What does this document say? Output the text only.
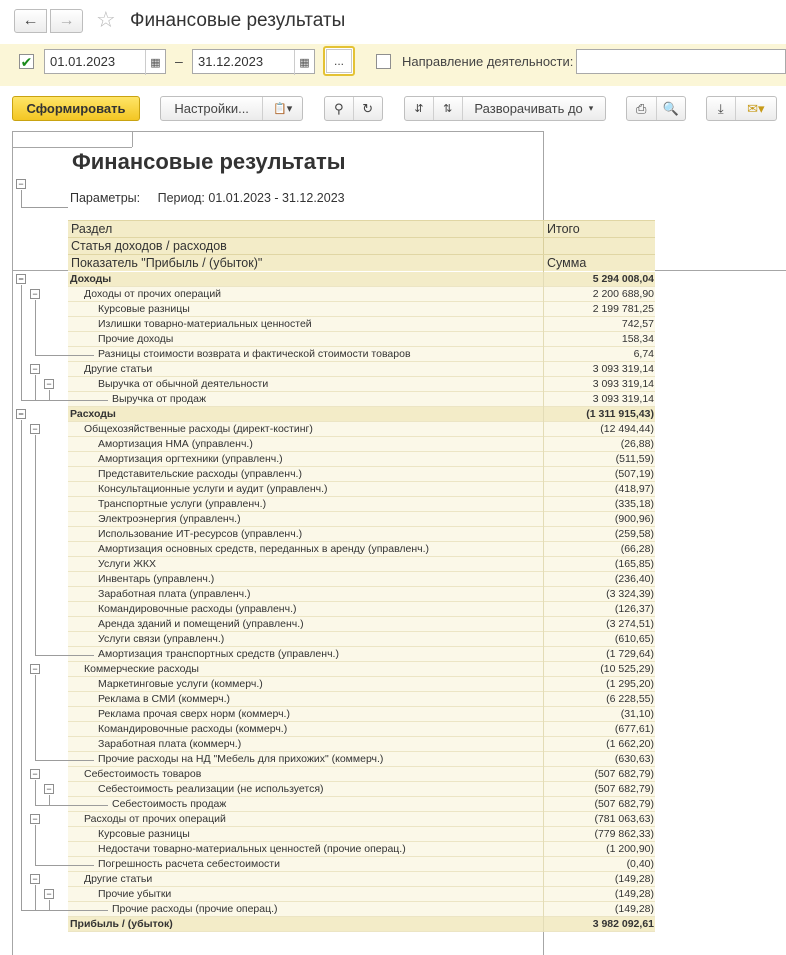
← → ☆ Финансовые результаты
✔	01.01.2023	▦	–	31.12.2023	▦	...	Направление деятельности:
Сформировать	Настройки...	📋▾	⚲ ↻	⇵ ⇅ Разворачивать до ▾	⎙ 🔍	⤓ ✉▾
−
Финансовые результаты
Параметры: Период: 01.01.2023 - 31.12.2023
Раздел	Итого
Статья доходов / расходов
Показатель "Прибыль / (убыток)"	Сумма
Доходы	5 294 008,04
−
Доходы от прочих операций	2 200 688,90
−
Курсовые разницы	2 199 781,25
Излишки товарно-материальных ценностей	742,57
Прочие доходы	158,34
Разницы стоимости возврата и фактической стоимости товаров	6,74
Другие статьи	3 093 319,14
−
Выручка от обычной деятельности	3 093 319,14
−
Выручка от продаж	3 093 319,14
Расходы	(1 311 915,43)
−
Общехозяйственные расходы (директ-костинг)	(12 494,44)
−
Амортизация НМА (управленч.)	(26,88)
Амортизация оргтехники (управленч.)	(511,59)
Представительские расходы (управленч.)	(507,19)
Консультационные услуги и аудит (управленч.)	(418,97)
Транспортные услуги (управленч.)	(335,18)
Электроэнергия (управленч.)	(900,96)
Использование ИТ-ресурсов (управленч.)	(259,58)
Амортизация основных средств, переданных в аренду (управленч.)	(66,28)
Услуги ЖКХ	(165,85)
Инвентарь (управленч.)	(236,40)
Заработная плата (управленч.)	(3 324,39)
Командировочные расходы (управленч.)	(126,37)
Аренда зданий и помещений (управленч.)	(3 274,51)
Услуги связи (управленч.)	(610,65)
Амортизация транспортных средств (управленч.)	(1 729,64)
Коммерческие расходы	(10 525,29)
−
Маркетинговые услуги (коммерч.)	(1 295,20)
Реклама в СМИ (коммерч.)	(6 228,55)
Реклама прочая сверх норм (коммерч.)	(31,10)
Командировочные расходы (коммерч.)	(677,61)
Заработная плата (коммерч.)	(1 662,20)
Прочие расходы на НД "Мебель для прихожих" (коммерч.)	(630,63)
Себестоимость товаров	(507 682,79)
−
Себестоимость реализации (не используется)	(507 682,79)
−
Себестоимость продаж	(507 682,79)
Расходы от прочих операций	(781 063,63)
−
Курсовые разницы	(779 862,33)
Недостачи товарно-материальных ценностей (прочие операц.)	(1 200,90)
Погрешность расчета себестоимости	(0,40)
Другие статьи	(149,28)
−
Прочие убытки	(149,28)
−
Прочие расходы (прочие операц.)	(149,28)
Прибыль / (убыток)	3 982 092,61
